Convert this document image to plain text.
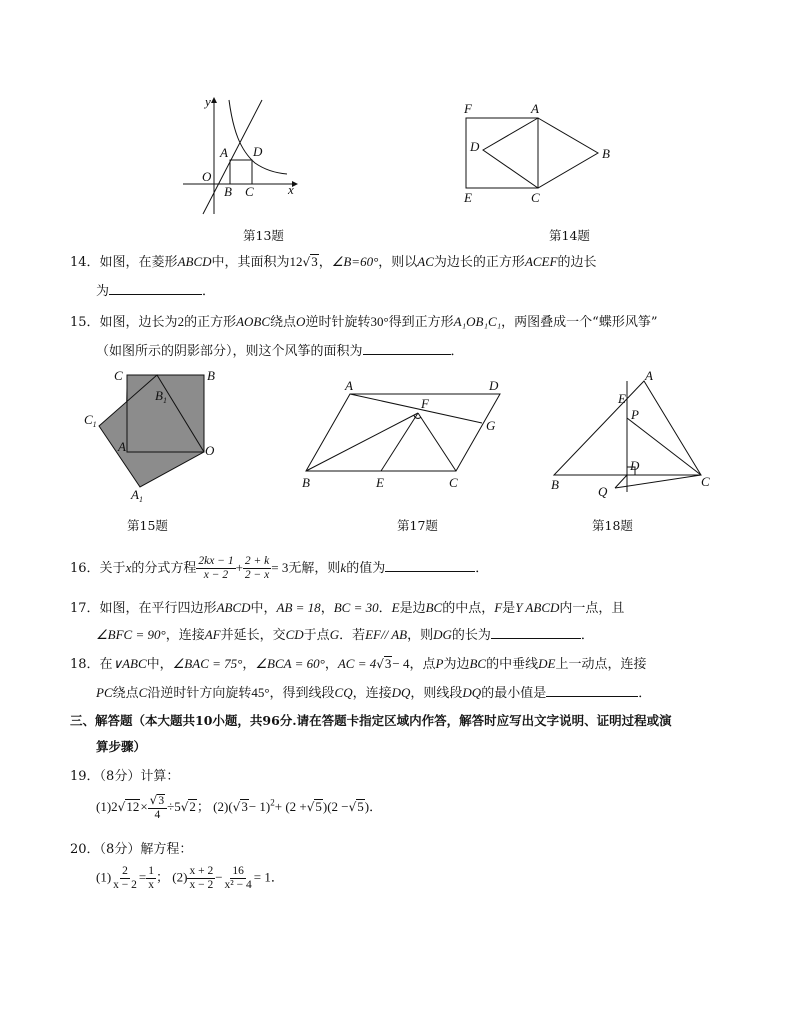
y
x
O
A D
B C
第13题
F	A
D	B
E	C
第14题
14．如图，在菱形ABCD中，其面积为12√3，∠B=60°，则以AC为边长的正方形ACEF的边长
为	．
15．如图，边长为2的正方形AOBC绕点O逆时针旋转30°得到正方形A₁OB₁C₁，两图叠成一个“蝶形风筝”
（如图所示的阴影部分），则这个风筝的面积为	．
C	B
$B_1$
$C_1$
A	O
$A_1$
第15题
A	D
F
G
B	E	C
第17题
A
E
P
D
B	Q
C
第18题
16．关于x的分式方程 $\frac{2kx - 1}{x - 2} + \frac{2 + k}{2 - x} = 3$无解，则k的值为	．
17．如图，在平行四边形ABCD中，AB = 18，BC = 30．E是边BC的中点，F是Y ABCD内一点，且
∠BFC = 90°，连接AF并延长，交CD于点G．若EF// AB，则DG的长为	．
18．在∨ABC中，∠BAC = 75°，∠BCA = 60°，AC = 4√3− 4，点P为边BC的中垂线DE上一动点，连接
PC绕点C沿逆时针方向旋转45°，得到线段CQ，连接DQ，则线段DQ的最小值是	．
三、解答题（本大题共10小题，共96分.请在答题卡指定区域内作答，解答时应写出文字说明、证明过程或演
算步骤）
19．（8分）计算：
$(1)2√12\times \frac{√3}{4} \div 5√2$； $(2)(√3- 1)^2+ (2 +√5)(2 -√5)$．
20．（8分）解方程：
$(1) \frac{2}{x - 2} = \frac{1}{x}$ ； $(2) \frac{x + 2}{x - 2} - \frac{16}{\text{x² − 4}} = 1$．
